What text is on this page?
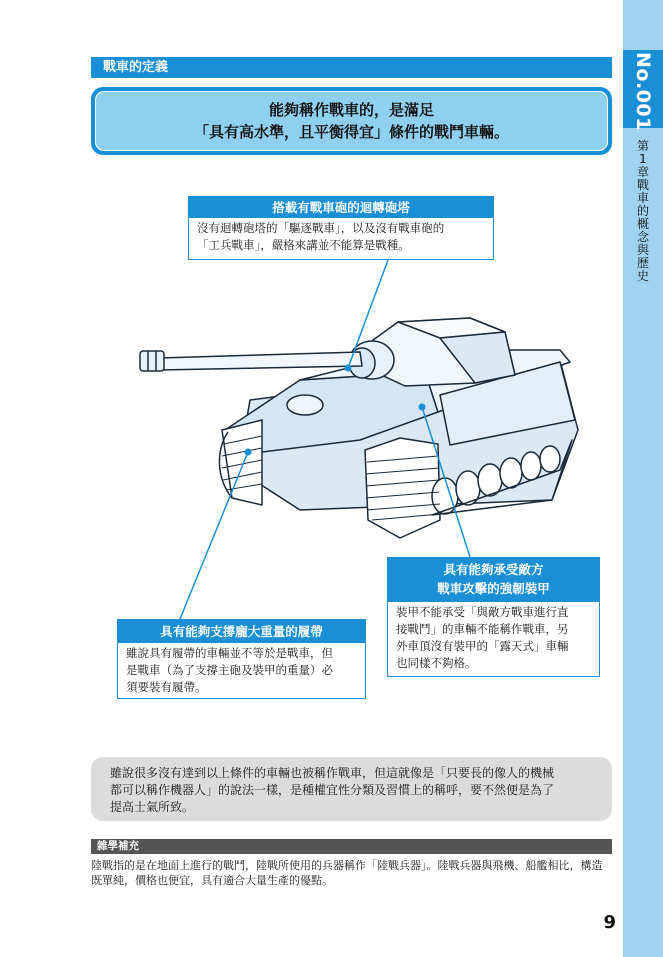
No.001
第
1
章
戰
車
的
概
念
與
歷
史
戰車的定義
能夠稱作戰車的，是滿足
「具有高水準，且平衡得宜」條件的戰鬥車輛。
搭載有戰車砲的迴轉砲塔
沒有迴轉砲塔的「驅逐戰車」，以及沒有戰車砲的
「工兵戰車」，嚴格來講並不能算是戰種。
具有能夠支撐龐大重量的履帶
雖說具有履帶的車輛並不等於是戰車，但
是戰車（為了支撐主砲及裝甲的重量）必
須要裝有履帶。
具有能夠承受敵方
戰車攻擊的強韌裝甲
裝甲不能承受「與敵方戰車進行直
接戰鬥」的車輛不能稱作戰車，另
外車頂沒有裝甲的「露天式」車輛
也同樣不夠格。
雖說很多沒有達到以上條件的車輛也被稱作戰車，但這就像是「只要長的像人的機械
都可以稱作機器人」的說法一樣，是種權宜性分類及習慣上的稱呼，要不然便是為了
提高士氣所致。
雜學補充
陸戰指的是在地面上進行的戰鬥，陸戰所使用的兵器稱作「陸戰兵器」。陸戰兵器與飛機、船艦相比，構造
既單純，價格也便宜，具有適合大量生產的優點。
9
